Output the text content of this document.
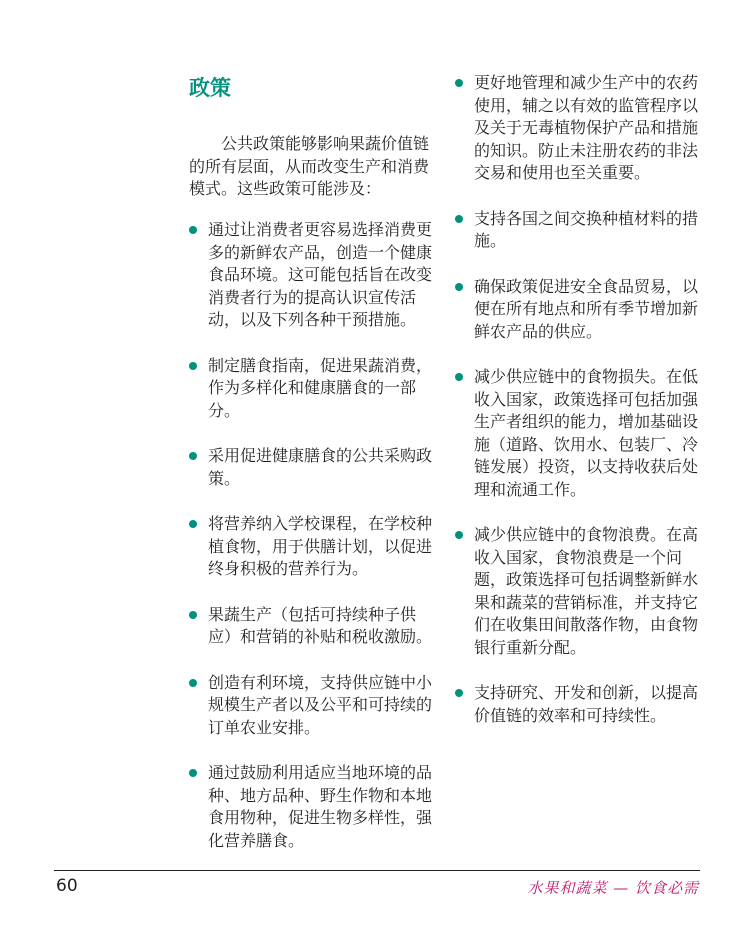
政策

公共政策能够影响果蔬价值链的所有层面，从而改变生产和消费模式。这些政策可能涉及：

通过让消费者更容易选择消费更多的新鲜农产品，创造一个健康食品环境。这可能包括旨在改变消费者行为的提高认识宣传活动，以及下列各种干预措施。
制定膳食指南，促进果蔬消费，作为多样化和健康膳食的一部分。
采用促进健康膳食的公共采购政策。
将营养纳入学校课程，在学校种植食物，用于供膳计划，以促进终身积极的营养行为。
果蔬生产（包括可持续种子供应）和营销的补贴和税收激励。
创造有利环境，支持供应链中小规模生产者以及公平和可持续的订单农业安排。
通过鼓励利用适应当地环境的品种、地方品种、野生作物和本地食用物种，促进生物多样性，强化营养膳食。
更好地管理和减少生产中的农药使用，辅之以有效的监管程序以及关于无毒植物保护产品和措施的知识。防止未注册农药的非法交易和使用也至关重要。
支持各国之间交换种植材料的措施。
确保政策促进安全食品贸易，以便在所有地点和所有季节增加新鲜农产品的供应。
减少供应链中的食物损失。在低收入国家，政策选择可包括加强生产者组织的能力，增加基础设施（道路、饮用水、包装厂、冷链发展）投资，以支持收获后处理和流通工作。
减少供应链中的食物浪费。在高收入国家，食物浪费是一个问题，政策选择可包括调整新鲜水果和蔬菜的营销标准，并支持它们在收集田间散落作物，由食物银行重新分配。
支持研究、开发和创新，以提高价值链的效率和可持续性。
60	水果和蔬菜 — 饮食必需
